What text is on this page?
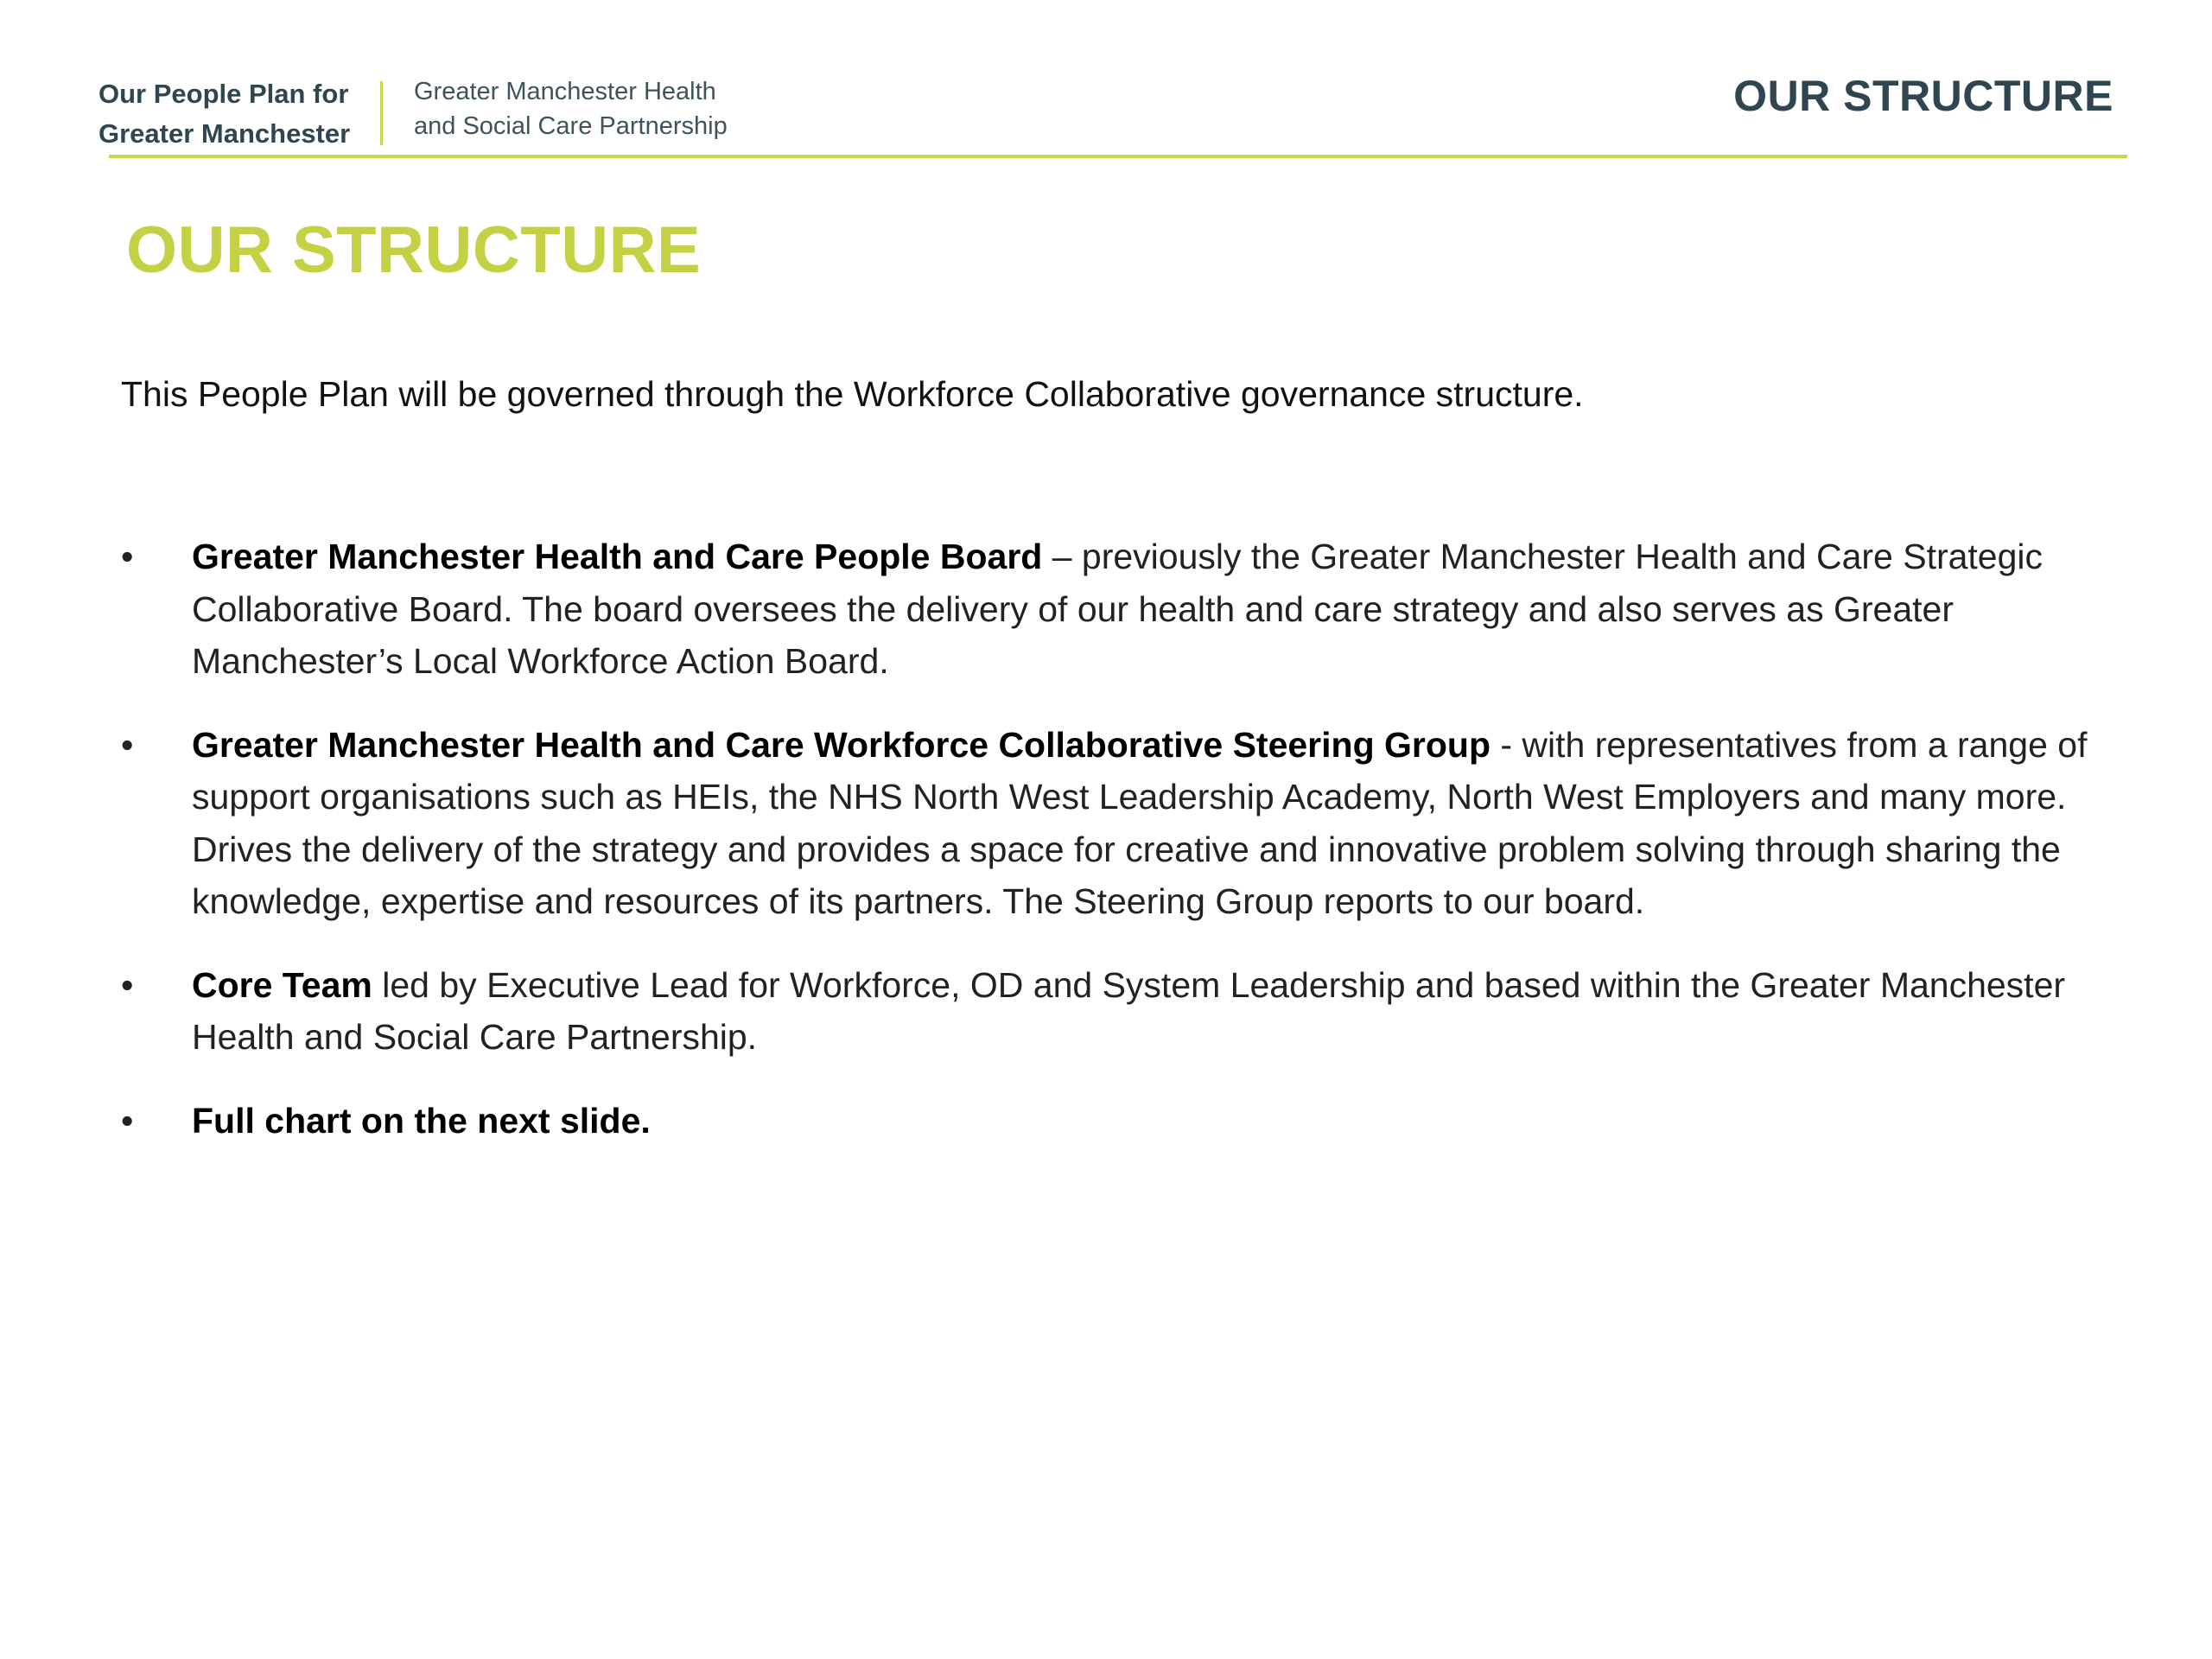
Our People Plan for
Greater Manchester
Greater Manchester Health
and Social Care Partnership
OUR STRUCTURE
OUR STRUCTURE

This People Plan will be governed through the Workforce Collaborative governance structure.

•	Greater Manchester Health and Care People Board – previously the Greater Manchester Health and Care Strategic Collaborative Board. The board oversees the delivery of our health and care strategy and also serves as Greater Manchester’s Local Workforce Action Board.
•	Greater Manchester Health and Care Workforce Collaborative Steering Group - with representatives from a range of support organisations such as HEIs, the NHS North West Leadership Academy, North West Employers and many more. Drives the delivery of the strategy and provides a space for creative and innovative problem solving through sharing the knowledge, expertise and resources of its partners. The Steering Group reports to our board.
•	Core Team led by Executive Lead for Workforce, OD and System Leadership and based within the Greater Manchester Health and Social Care Partnership.
•	Full chart on the next slide.
